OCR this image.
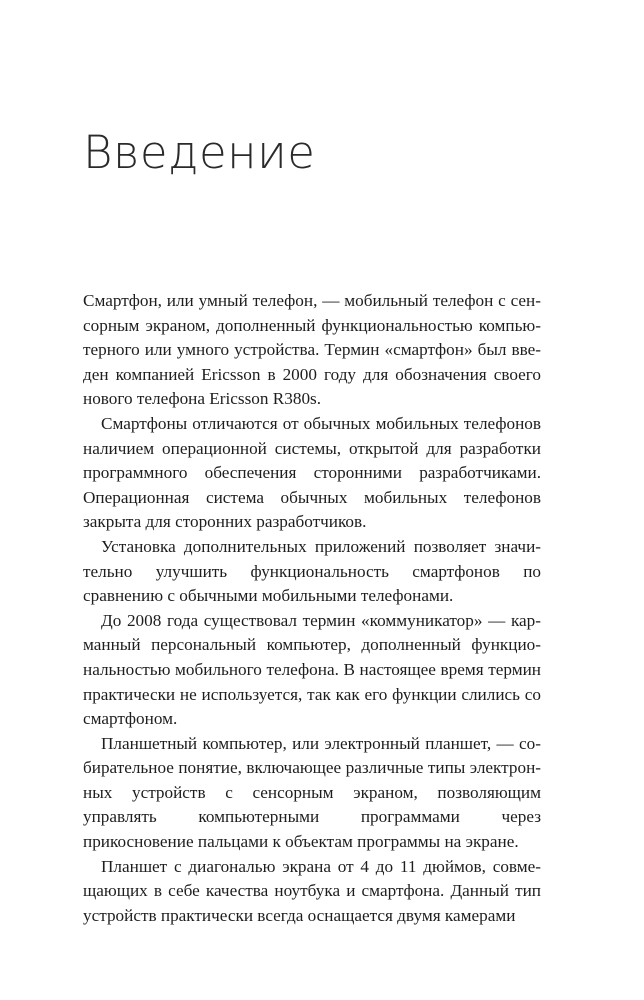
Введение

Смартфон, или умный телефон, — мобильный телефон с сенсорным экраном, дополненный функциональностью компьютерного или умного устройства. Термин «смартфон» был введен компанией Ericsson в 2000 году для обозначения своего нового телефона Ericsson R380s.

Смартфоны отличаются от обычных мобильных телефонов наличием операционной системы, открытой для разработки программного обеспечения сторонними разработчиками. Операционная система обычных мобильных телефонов закрыта для сторонних разработчиков.

Установка дополнительных приложений позволяет значительно улучшить функциональность смартфонов по сравнению с обычными мобильными телефонами.

До 2008 года существовал термин «коммуникатор» — карманный персональный компьютер, дополненный функциональностью мобильного телефона. В настоящее время термин практически не используется, так как его функции слились со смартфоном.

Планшетный компьютер, или электронный планшет, — собирательное понятие, включающее различные типы электронных устройств с сенсорным экраном, позволяющим управлять компьютерными программами через прикосновение пальцами к объектам программы на экране.

Планшет с диагональю экрана от 4 до 11 дюймов, совмещающих в себе качества ноутбука и смартфона. Данный тип устройств практически всегда оснащается двумя камерами
